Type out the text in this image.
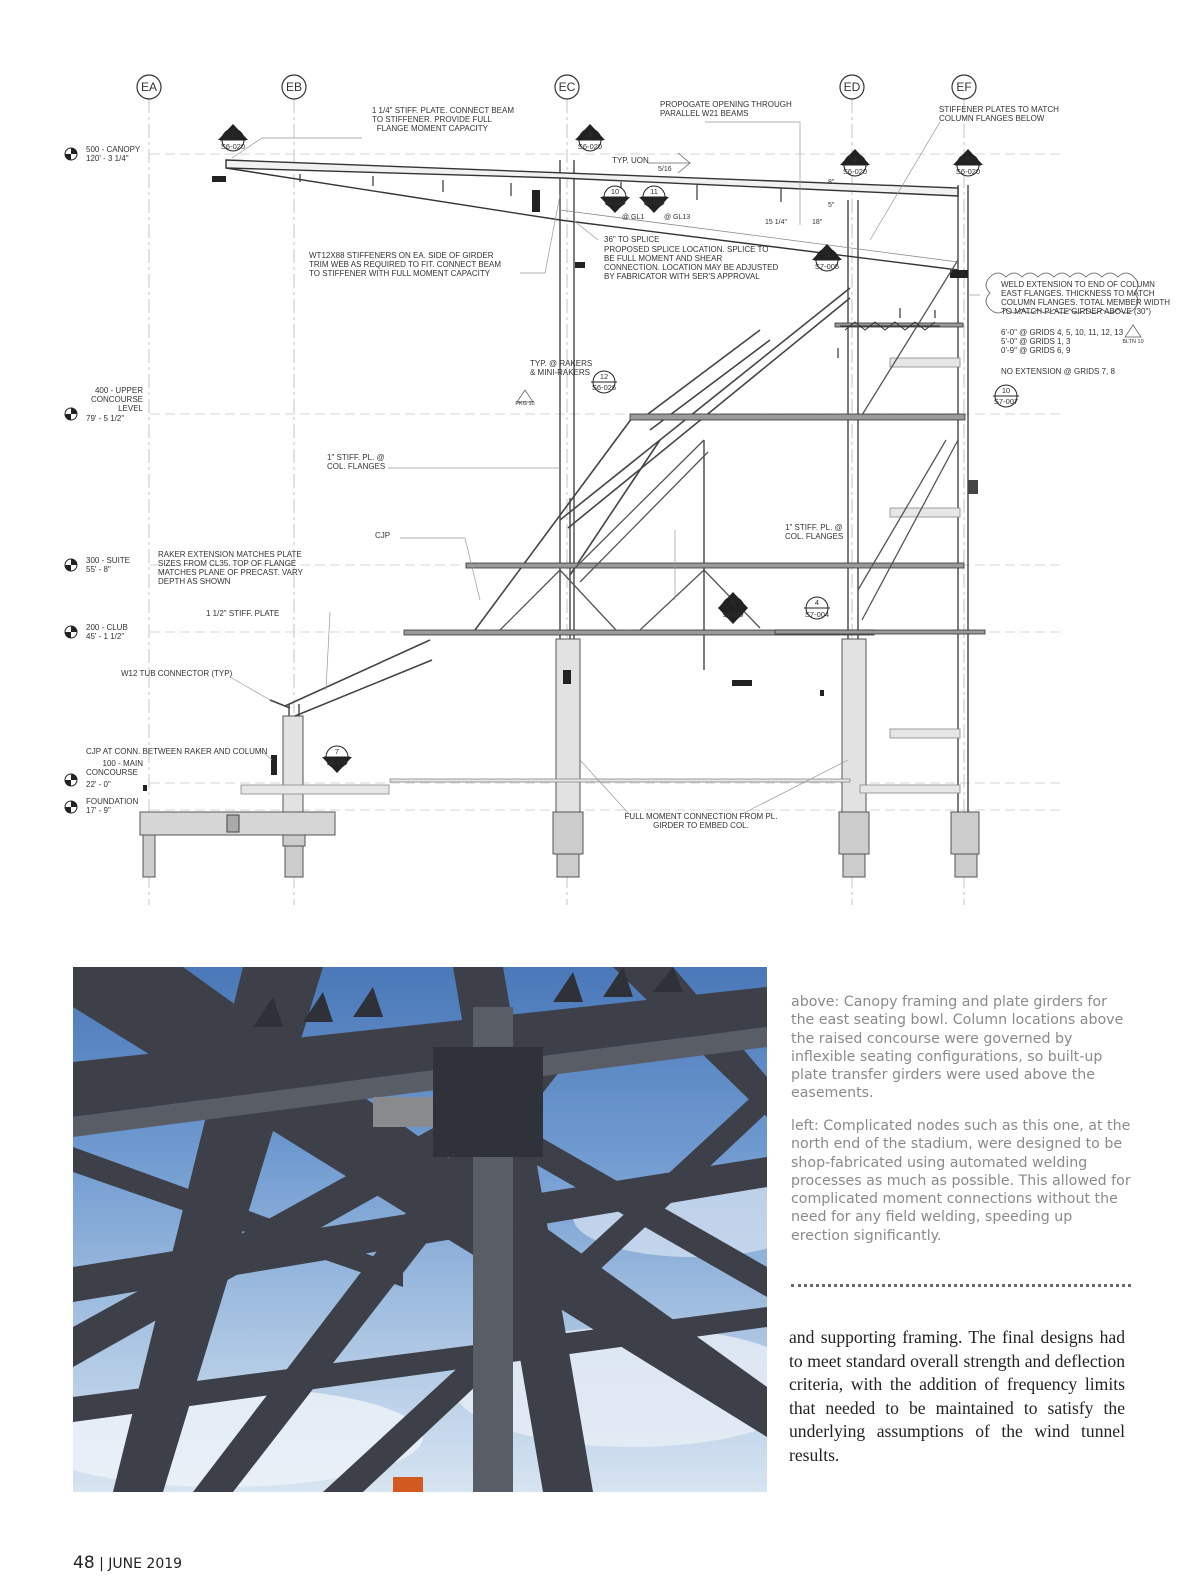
EA	EB	EC	ED	EF
500 - CANOPY
120' - 3 1/4"
400 - UPPER
CONCOURSE
LEVEL
79' - 5 1/2"
300 - SUITE
55' - 8"
200 - CLUB
45' - 1 1/2"
100 - MAIN
CONCOURSE
22' - 0"
FOUNDATION
17' - 9"
1 1/4" STIFF. PLATE. CONNECT BEAM
TO STIFFENER. PROVIDE FULL
FLANGE MOMENT CAPACITY
PROPOGATE OPENING THROUGH
PARALLEL W21 BEAMS	STIFFENER PLATES TO MATCH
COLUMN FLANGES BELOW
TYP. UON
5/16
8"
5"
15 1/4"	18"
@ GL1	@ GL13
WT12X88 STIFFENERS ON EA. SIDE OF GIRDER
TRIM WEB AS REQUIRED TO FIT. CONNECT BEAM
TO STIFFENER WITH FULL MOMENT CAPACITY
36" TO SPLICE
PROPOSED SPLICE LOCATION. SPLICE TO
BE FULL MOMENT AND SHEAR
CONNECTION. LOCATION MAY BE ADJUSTED
BY FABRICATOR WITH SER'S APPROVAL
WELD EXTENSION TO END OF COLUMN
EAST FLANGES. THICKNESS TO MATCH
COLUMN FLANGES. TOTAL MEMBER WIDTH
TO MATCH PLATE GIRDER ABOVE (30")
6'-0" @ GRIDS 4, 5, 10, 11, 12, 13
5'-0" @ GRIDS 1, 3
0'-9" @ GRIDS 6, 9
NO EXTENSION @ GRIDS 7, 8
BLTN 10
TYP. @ RAKERS
& MINI-RAKERS
PKG 10
1" STIFF. PL. @
COL. FLANGES
1" STIFF. PL. @
COL. FLANGES
CJP
RAKER EXTENSION MATCHES PLATE
SIZES FROM CL35. TOP OF FLANGE
MATCHES PLANE OF PRECAST. VARY
DEPTH AS SHOWN
1 1/2" STIFF. PLATE
W12 TUB CONNECTOR (TYP)
CJP AT CONN. BETWEEN RAKER AND COLUMN
FULL MOMENT CONNECTION FROM PL.
GIRDER TO EMBED COL.
2
S6-020
3
S6-020
4
S6-020
5
S6-020
10
S6-020
11
S6-020
3
S7-005
12
S6-026	10
S7-007
6
S6-020
4
S7-004
7
S6-020
above: Canopy framing and plate girders for the east seating bowl. Column locations above the raised concourse were governed by inflexible seating configurations, so built-up plate transfer girders were used above the easements.
left: Complicated nodes such as this one, at the north end of the stadium, were designed to be shop-fabricated using automated welding processes as much as possible. This allowed for complicated moment connections without the need for any field welding, speeding up erection significantly.
and supporting framing. The final designs had to meet standard overall strength and deflection criteria, with the addition of frequency limits that needed to be maintained to satisfy the underlying assumptions of the wind tunnel results.
48 | JUNE 2019
